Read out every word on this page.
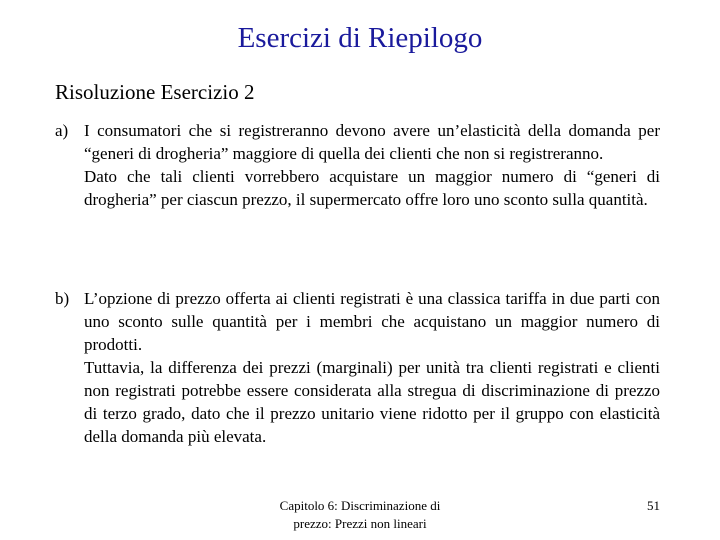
Esercizi di Riepilogo
Risoluzione Esercizio 2
a) I consumatori che si registreranno devono avere un’elasticità della domanda per “generi di drogheria” maggiore di quella dei clienti che non si registreranno.

Dato che tali clienti vorrebbero acquistare un maggior numero di “generi di drogheria” per ciascun prezzo, il supermercato offre loro uno sconto sulla quantità.

b) L’opzione di prezzo offerta ai clienti registrati è una classica tariffa in due parti con uno sconto sulle quantità per i membri che acquistano un maggior numero di prodotti.

Tuttavia, la differenza dei prezzi (marginali) per unità tra clienti registrati e clienti non registrati potrebbe essere considerata alla stregua di discriminazione di prezzo di terzo grado, dato che il prezzo unitario viene ridotto per il gruppo con elasticità della domanda più elevata.

Capitolo 6: Discriminazione di
prezzo: Prezzi non lineari
51
